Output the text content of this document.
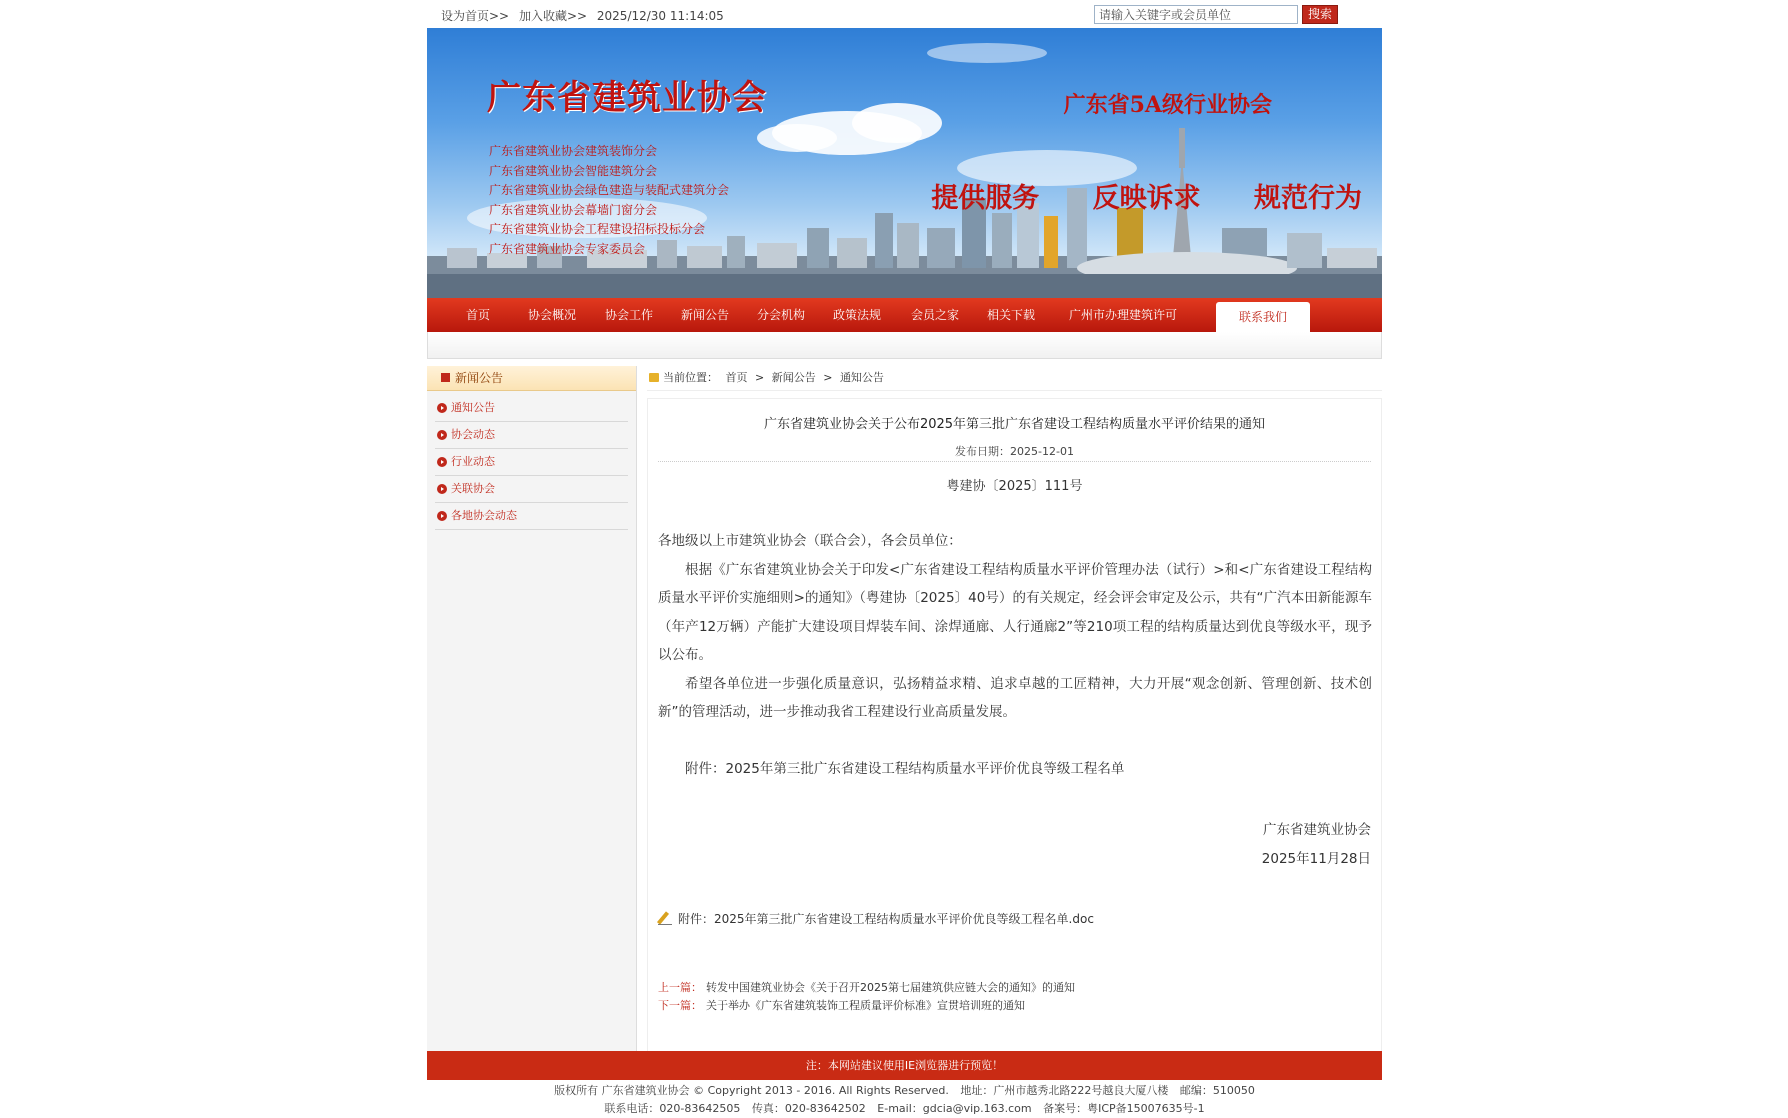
设为首页>> 加入收藏>> 2025/12/30 11:14:05
请输入关键字或会员单位	搜索
广东省建筑业协会
广东省建筑业协会建筑装饰分会
广东省建筑业协会智能建筑分会
广东省建筑业协会绿色建造与装配式建筑分会
广东省建筑业协会幕墙门窗分会
广东省建筑业协会工程建设招标投标分会
广东省建筑业协会专家委员会
广东省5A级行业协会
提供服务 反映诉求 规范行为
首页	协会概况 协会工作 新闻公告 分会机构 政策法规 会员之家 相关下载	广州市办理建筑许可	联系我们
新闻公告
通知公告
协会动态
行业动态
关联协会
各地协会动态
当前位置： 首页 > 新闻公告 > 通知公告
广东省建筑业协会关于公布2025年第三批广东省建设工程结构质量水平评价结果的通知
发布日期：2025-12-01
粤建协〔2025〕111号

各地级以上市建筑业协会（联合会），各会员单位：

根据《广东省建筑业协会关于印发<广东省建设工程结构质量水平评价管理办法（试行）>和<广东省建设工程结构质量水平评价实施细则>的通知》（粤建协〔2025〕40号）的有关规定，经会评会审定及公示，共有“广汽本田新能源车（年产12万辆）产能扩大建设项目焊装车间、涂焊通廊、人行通廊2”等210项工程的结构质量达到优良等级水平，现予以公布。

希望各单位进一步强化质量意识，弘扬精益求精、追求卓越的工匠精神，大力开展“观念创新、管理创新、技术创新”的管理活动，进一步推动我省工程建设行业高质量发展。

附件：2025年第三批广东省建设工程结构质量水平评价优良等级工程名单

广东省建筑业协会
2025年11月28日
附件：2025年第三批广东省建设工程结构质量水平评价优良等级工程名单.doc
上一篇： 转发中国建筑业协会《关于召开2025第七届建筑供应链大会的通知》的通知
下一篇： 关于举办《广东省建筑装饰工程质量评价标准》宣贯培训班的通知
注：本网站建议使用IE浏览器进行预览！
版权所有 广东省建筑业协会 © Copyright 2013 - 2016. All Rights Reserved. 地址：广州市越秀北路222号越良大厦八楼 邮编：510050
联系电话：020-83642505 传真：020-83642502 E-mail：gdcia@vip.163.com 备案号：粤ICP备15007635号-1
